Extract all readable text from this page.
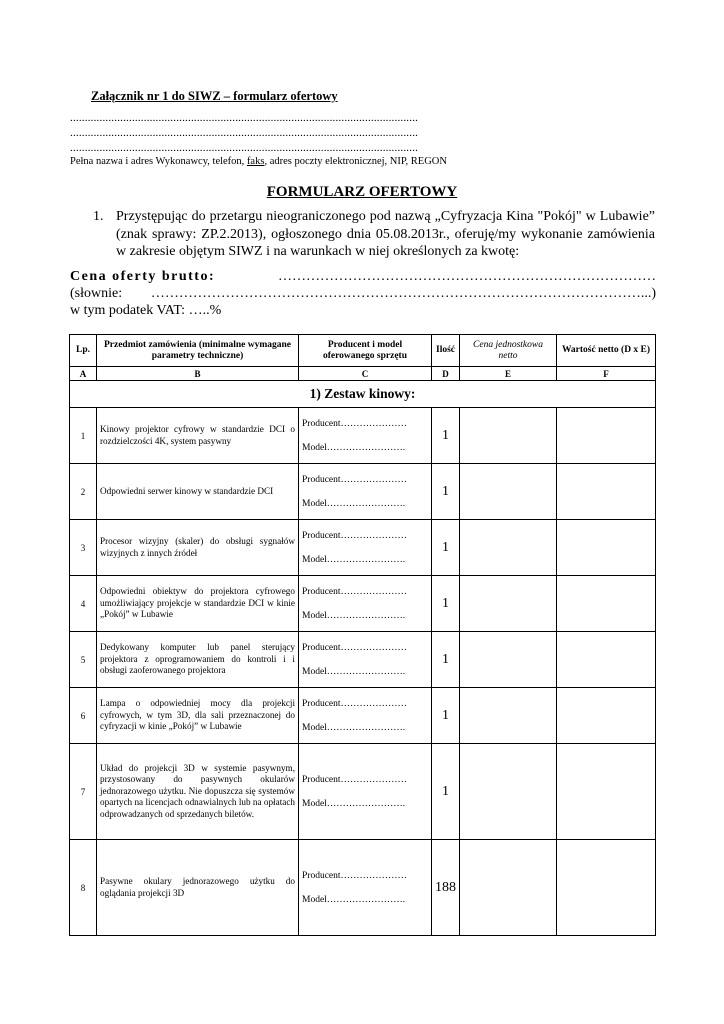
Załącznik nr 1 do SIWZ – formularz ofertowy
......................................................................................................................
......................................................................................................................
......................................................................................................................
Pełna nazwa i adres Wykonawcy, telefon, faks, adres poczty elektronicznej, NIP, REGON
FORMULARZ OFERTOWY
1. Przystępując do przetargu nieograniczonego pod nazwą „Cyfryzacja Kina "Pokój" w Lubawie” (znak sprawy: ZP.2.2013), ogłoszonego dnia 05.08.2013r., oferuję/my wykonanie zamówienia w zakresie objętym SIWZ i na warunkach w niej określonych za kwotę:
Cena oferty brutto:	………………………………………………………………………
(słownie: ……………………………………………………………………………………………...)
w tym podatek VAT: …..%
Lp.	Przedmiot zamówienia (minimalne wymagane parametry techniczne)	Producent i model oferowanego sprzętu	Ilość	Cena jednostkowa netto	Wartość netto (D x E)
A	B	C	D	E	F
1) Zestaw kinowy:					
1	Kinowy projektor cyfrowy w standardzie DCI o rozdzielczości 4K, system pasywny	Producent…………………
Model…………………….	1		
2	Odpowiedni serwer kinowy w standardzie DCI	Producent…………………
Model…………………….	1		
3	Procesor wizyjny (skaler) do obsługi sygnałów wizyjnych z innych źródeł	Producent…………………
Model…………………….	1		
4	Odpowiedni obiektyw do projektora cyfrowego umożliwiający projekcje w standardzie DCI w kinie „Pokój” w Lubawie	Producent…………………
Model…………………….	1		
5	Dedykowany komputer lub panel sterujący projektora z oprogramowaniem do kontroli i i obsługi zaoferowanego projektora	Producent…………………
Model…………………….	1		
6	Lampa o odpowiedniej mocy dla projekcji cyfrowych, w tym 3D, dla sali przeznaczonej do cyfryzacji w kinie „Pokój” w Lubawie	Producent…………………
Model…………………….	1		
7	Układ do projekcji 3D w systemie pasywnym, przystosowany do pasywnych okularów jednorazowego użytku. Nie dopuszcza się systemów opartych na licencjach odnawialnych lub na opłatach odprowadzanych od sprzedanych biletów.	Producent…………………
Model…………………….	1		
8	Pasywne okulary jednorazowego użytku do oglądania projekcji 3D	Producent…………………
Model…………………….	188		
